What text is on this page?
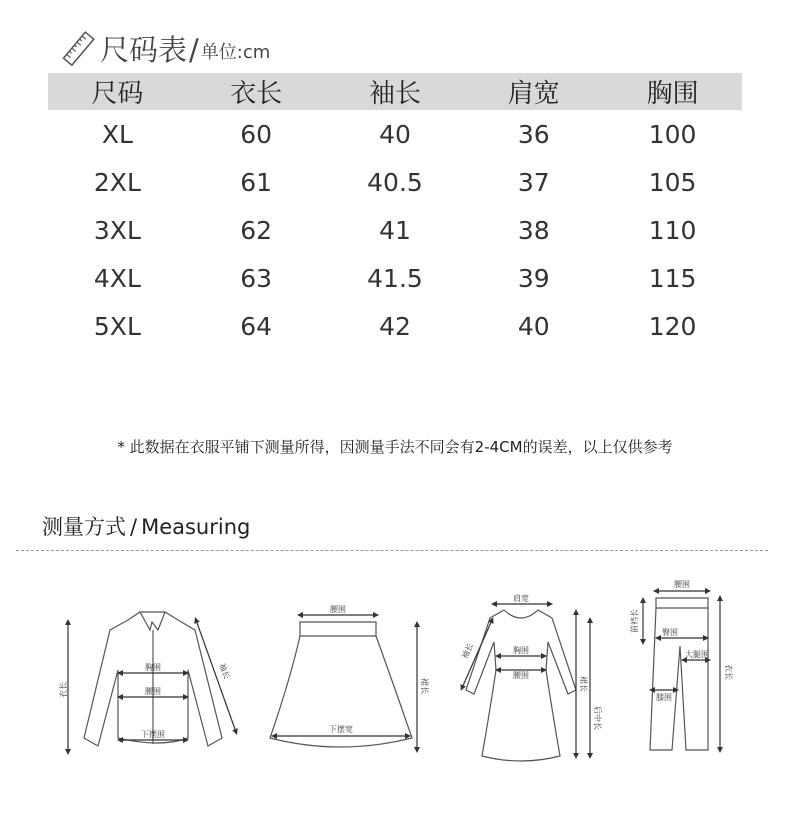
尺码表 / 单位:cm
尺码	衣长	袖长	肩宽	胸围
XL	60	40	36	100
2XL	61	40.5	37	105
3XL	62	41	38	110
4XL	63	41.5	39	115
5XL	64	42	40	120
* 此数据在衣服平铺下测量所得，因测量手法不同会有2-4CM的误差，以上仅供参考
测量方式 / Measuring
衣长
胸围
腰围
下摆围
袖长
腰围
裙长
下摆宽
肩宽
袖长	胸围
腰围
裙长
后中长
腰围
前裆长	臀围
大腿围
膝围
衣长
